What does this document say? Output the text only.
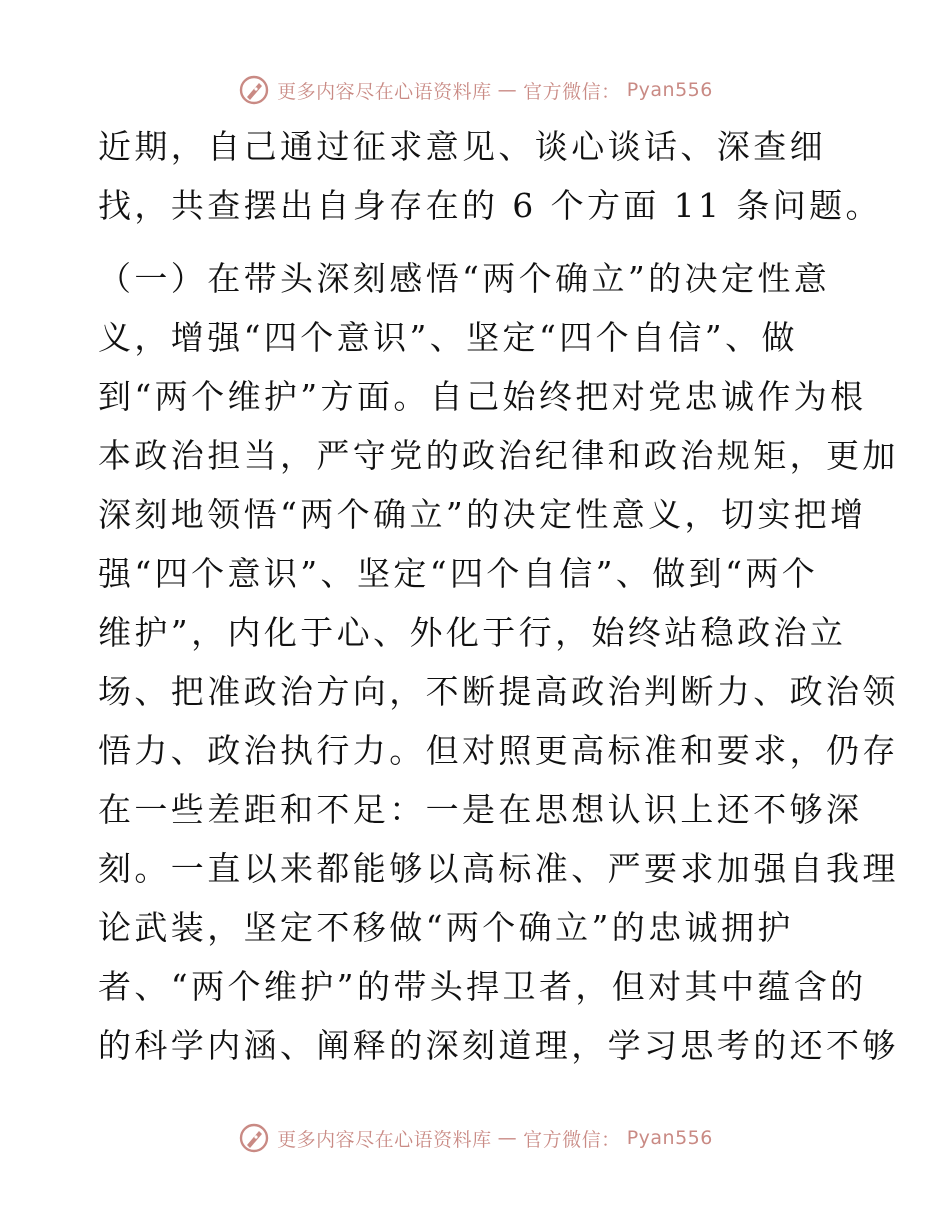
更多内容尽在心语资料库 — 官方微信： Pyan556
近期，自己通过征求意见、谈心谈话、深查细
找，共查摆出自身存在的 6 个方面 11 条问题。
（一）在带头深刻感悟“两个确立”的决定性意
义，增强“四个意识”、坚定“四个自信”、做
到“两个维护”方面。自己始终把对党忠诚作为根
本政治担当，严守党的政治纪律和政治规矩，更加
深刻地领悟“两个确立”的决定性意义，切实把增
强“四个意识”、坚定“四个自信”、做到“两个
维护”，内化于心、外化于行，始终站稳政治立
场、把准政治方向，不断提高政治判断力、政治领
悟力、政治执行力。但对照更高标准和要求，仍存
在一些差距和不足：一是在思想认识上还不够深
刻。一直以来都能够以高标准、严要求加强自我理
论武装，坚定不移做“两个确立”的忠诚拥护
者、“两个维护”的带头捍卫者，但对其中蕴含的
的科学内涵、阐释的深刻道理，学习思考的还不够
更多内容尽在心语资料库 — 官方微信： Pyan556
